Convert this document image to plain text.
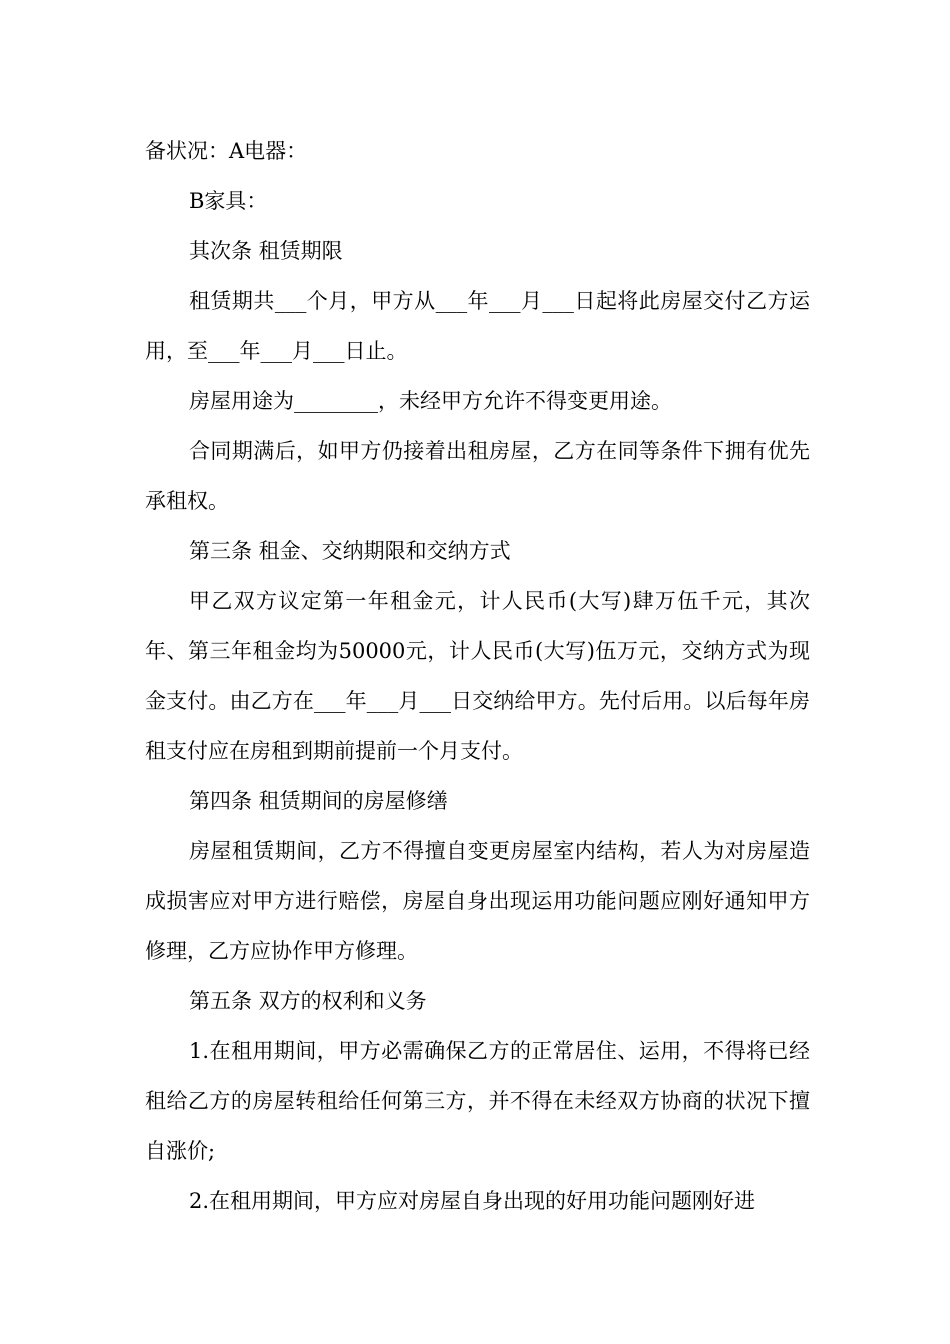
备状况：A电器：

B家具：

其次条 租赁期限

租赁期共___个月，甲方从___年___月___日起将此房屋交付乙方运用，至___年___月___日止。

房屋用途为________，未经甲方允许不得变更用途。

合同期满后，如甲方仍接着出租房屋，乙方在同等条件下拥有优先承租权。

第三条 租金、交纳期限和交纳方式

甲乙双方议定第一年租金元，计人民币(大写)肆万伍千元，其次年、第三年租金均为50000元，计人民币(大写)伍万元，交纳方式为现金支付。由乙方在___年___月___日交纳给甲方。先付后用。以后每年房租支付应在房租到期前提前一个月支付。

第四条 租赁期间的房屋修缮

房屋租赁期间，乙方不得擅自变更房屋室内结构，若人为对房屋造成损害应对甲方进行赔偿，房屋自身出现运用功能问题应刚好通知甲方修理，乙方应协作甲方修理。

第五条 双方的权利和义务

1.在租用期间，甲方必需确保乙方的正常居住、运用，不得将已经租给乙方的房屋转租给任何第三方，并不得在未经双方协商的状况下擅自涨价;

2.在租用期间，甲方应对房屋自身出现的好用功能问题刚好进
